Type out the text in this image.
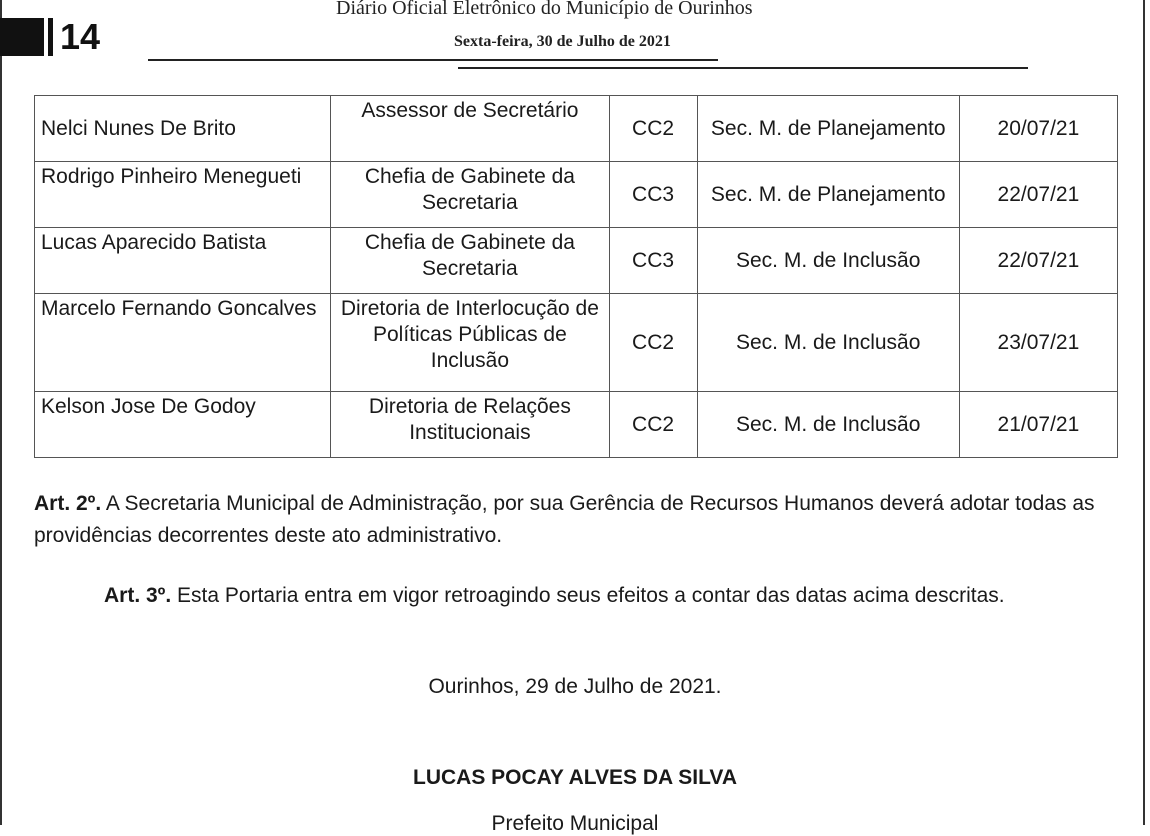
14
Diário Oficial Eletrônico do Município de Ourinhos
Sexta-feira, 30 de Julho de 2021
Nelci Nunes De Brito	Assessor de Secretário	CC2	Sec. M. de Planejamento	20/07/21
Rodrigo Pinheiro Menegueti	Chefia de Gabinete da Secretaria	CC3	Sec. M. de Planejamento	22/07/21
Lucas Aparecido Batista	Chefia de Gabinete da Secretaria	CC3	Sec. M. de Inclusão	22/07/21
Marcelo Fernando Goncalves	Diretoria de Interlocução de Políticas Públicas de Inclusão	CC2	Sec. M. de Inclusão	23/07/21
Kelson Jose De Godoy	Diretoria de Relações Institucionais	CC2	Sec. M. de Inclusão	21/07/21
Art. 2º. A Secretaria Municipal de Administração, por sua Gerência de Recursos Humanos deverá adotar todas as providências decorrentes deste ato administrativo.
Art. 3º. Esta Portaria entra em vigor retroagindo seus efeitos a contar das datas acima descritas.
Ourinhos, 29 de Julho de 2021.
LUCAS POCAY ALVES DA SILVA
Prefeito Municipal
